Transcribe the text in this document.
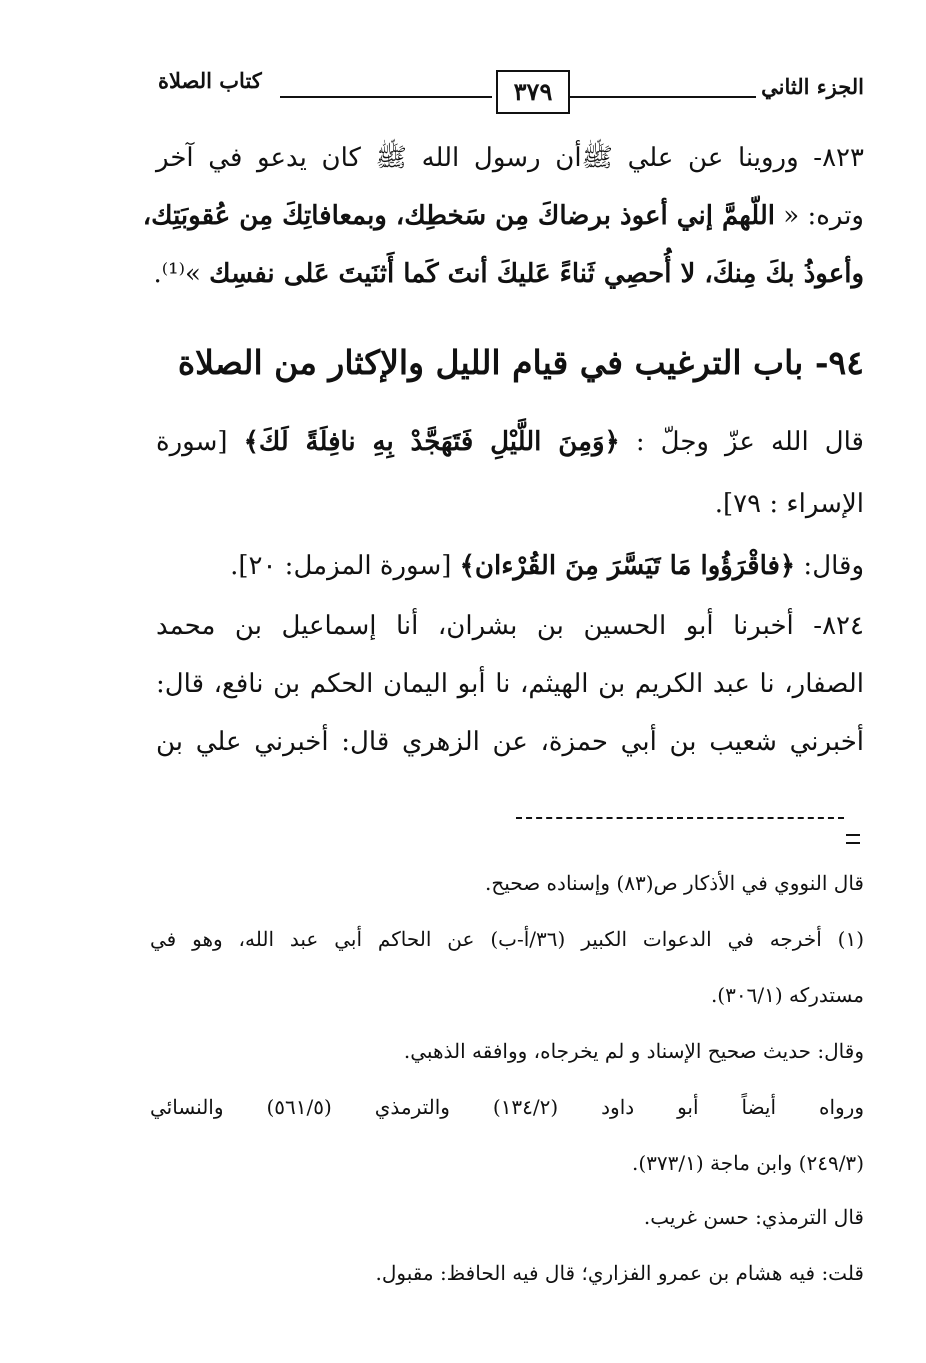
كتاب الصلاة	٣٧٩	الجزء الثاني
٨٢٣- وروينا عن علي ﷺأن رسول الله ﷺ كان يدعو في آخر
وتره: « اللّهمَّ إني أعوذ برضاكَ مِن سَخطِك، وبمعافاتِكَ مِن عُقوبَتِك،
وأعوذُ بكَ مِنكَ، لا أُحصِي ثَناءً عَليكَ أنتَ كَما أَثنَيتَ عَلى نفسِك »⁽¹⁾.
٩٤- باب الترغيب في قيام الليل والإكثار من الصلاة
قال الله عزّ وجلّ : ﴿وَمِنَ اللَّيْلِ فَتَهَجَّدْ بِهِ نافِلَةً لَكَ﴾ [سورة
الإسراء : ٧٩].
وقال: ﴿فاقْرَؤُوا مَا تَيَسَّرَ مِنَ القُرْءان﴾ [سورة المزمل: ٢٠].
٨٢٤- أخبرنا أبو الحسين بن بشران، أنا إسماعيل بن محمد
الصفار، نا عبد الكريم بن الهيثم، نا أبو اليمان الحكم بن نافع، قال:
أخبرني شعيب بن أبي حمزة، عن الزهري قال: أخبرني علي بن
قال النووي في الأذكار ص(٨٣) وإسناده صحيح.
(١) أخرجه في الدعوات الكبير (٣٦/أ-ب) عن الحاكم أبي عبد الله، وهو في
مستدركه (٣٠٦/١).
وقال: حديث صحيح الإسناد و لم يخرجاه، ووافقه الذهبي.
ورواه أيضاً أبو داود (١٣٤/٢) والترمذي (٥٦١/٥) والنسائي
(٢٤٩/٣) وابن ماجة (٣٧٣/١).
قال الترمذي: حسن غريب.
قلت: فيه هشام بن عمرو الفزاري؛ قال فيه الحافظ: مقبول.
